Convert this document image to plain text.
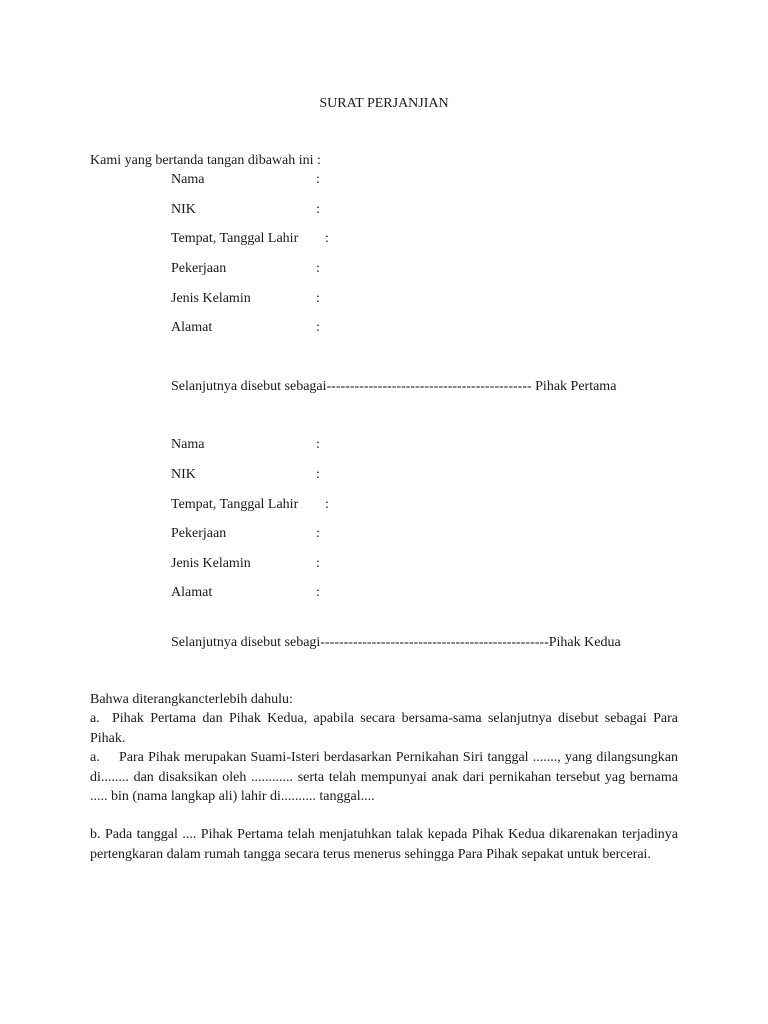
SURAT PERJANJIAN
Kami yang bertanda tangan dibawah ini :
Nama	:
NIK	:
Tempat, Tanggal Lahir :
Pekerjaan	:
Jenis Kelamin	:
Alamat	:
Selanjutnya disebut sebagai-------------------------------------------- Pihak Pertama
Nama	:
NIK	:
Tempat, Tanggal Lahir :
Pekerjaan	:
Jenis Kelamin	:
Alamat	:
Selanjutnya disebut sebagi-------------------------------------------------Pihak Kedua
Bahwa diterangkancterlebih dahulu:
a. Pihak Pertama dan Pihak Kedua, apabila secara bersama-sama selanjutnya disebut sebagai Para Pihak.
a. Para Pihak merupakan Suami-Isteri berdasarkan Pernikahan Siri tanggal ......., yang dilangsungkan di........ dan disaksikan oleh ............ serta telah mempunyai anak dari pernikahan tersebut yag bernama ..... bin (nama langkap ali) lahir di.......... tanggal....
b. Pada tanggal .... Pihak Pertama telah menjatuhkan talak kepada Pihak Kedua dikarenakan terjadinya pertengkaran dalam rumah tangga secara terus menerus sehingga Para Pihak sepakat untuk bercerai.
